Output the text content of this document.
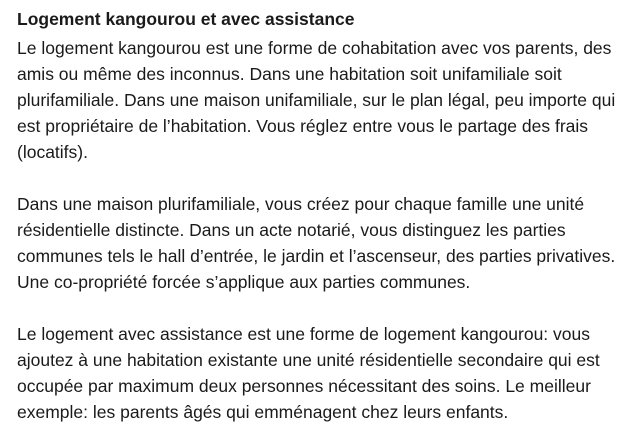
Logement kangourou et avec assistance

Le logement kangourou est une forme de cohabitation avec vos parents, des amis ou même des inconnus. Dans une habitation soit unifamiliale soit plurifamiliale. Dans une maison unifamiliale, sur le plan légal, peu importe qui est propriétaire de l’habitation. Vous réglez entre vous le partage des frais (locatifs).

Dans une maison plurifamiliale, vous créez pour chaque famille une unité résidentielle distincte. Dans un acte notarié, vous distinguez les parties communes tels le hall d’entrée, le jardin et l’ascenseur, des parties privatives. Une co-propriété forcée s’applique aux parties communes.

Le logement avec assistance est une forme de logement kangourou: vous ajoutez à une habitation existante une unité résidentielle secondaire qui est occupée par maximum deux personnes nécessitant des soins. Le meilleur exemple: les parents âgés qui emménagent chez leurs enfants.
